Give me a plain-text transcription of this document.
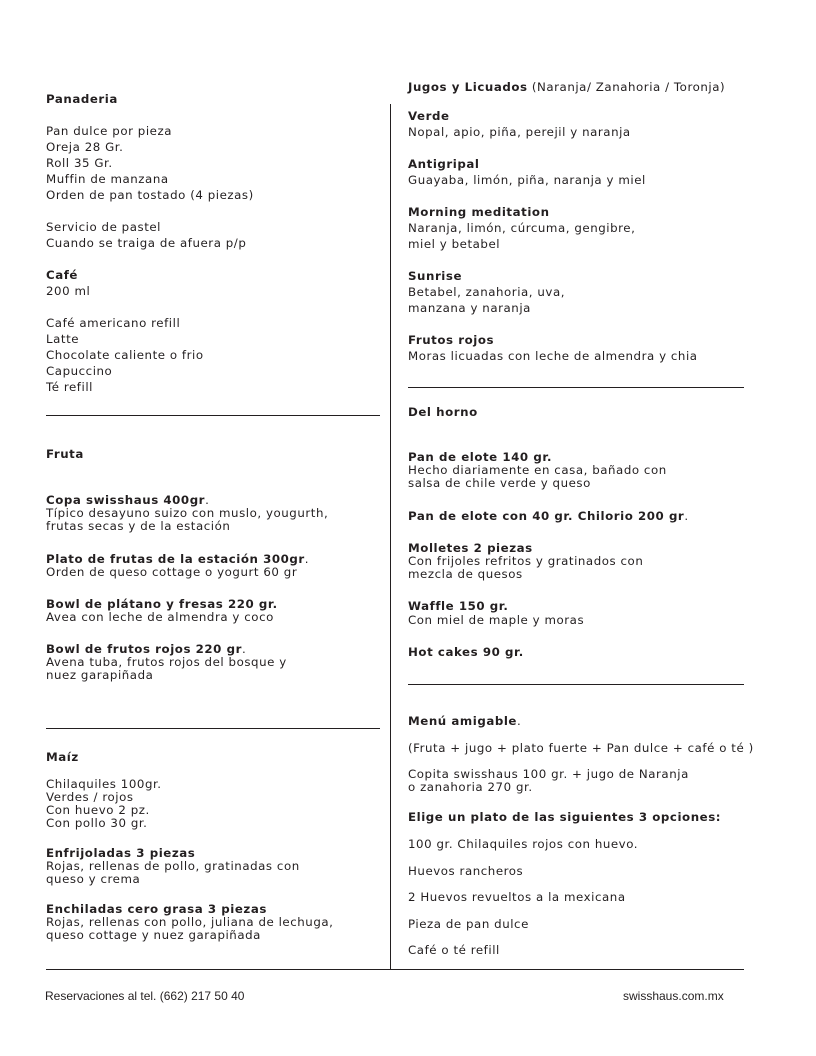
Panaderia
Pan dulce por pieza
Oreja 28 Gr.
Roll 35 Gr.
Muffin de manzana
Orden de pan tostado (4 piezas)
Servicio de pastel
Cuando se traiga de afuera p/p
Café
200 ml
Café americano refill
Latte
Chocolate caliente o frio
Capuccino
Té refill
Fruta
Copa swisshaus 400gr.
Típico desayuno suizo con muslo, yougurth,
frutas secas y de la estación
Plato de frutas de la estación 300gr.
Orden de queso cottage o yogurt 60 gr
Bowl de plátano y fresas 220 gr.
Avea con leche de almendra y coco
Bowl de frutos rojos 220 gr.
Avena tuba, frutos rojos del bosque y
nuez garapiñada
Maíz
Chilaquiles 100gr.
Verdes / rojos
Con huevo 2 pz.
Con pollo 30 gr.
Enfrijoladas 3 piezas
Rojas, rellenas de pollo, gratinadas con
queso y crema
Enchiladas cero grasa 3 piezas
Rojas, rellenas con pollo, juliana de lechuga,
queso cottage y nuez garapiñada
Jugos y Licuados (Naranja/ Zanahoria / Toronja)
Verde
Nopal, apio, piña, perejil y naranja
Antigripal
Guayaba, limón, piña, naranja y miel
Morning meditation
Naranja, limón, cúrcuma, gengibre,
miel y betabel
Sunrise
Betabel, zanahoria, uva,
manzana y naranja
Frutos rojos
Moras licuadas con leche de almendra y chia
Del horno
Pan de elote 140 gr.
Hecho diariamente en casa, bañado con
salsa de chile verde y queso
Pan de elote con 40 gr. Chilorio 200 gr.
Molletes 2 piezas
Con frijoles refritos y gratinados con
mezcla de quesos
Waffle 150 gr.
Con miel de maple y moras
Hot cakes 90 gr.
Menú amigable.
(Fruta + jugo + plato fuerte + Pan dulce + café o té )
Copita swisshaus 100 gr. + jugo de Naranja
o zanahoria 270 gr.
Elige un plato de las siguientes 3 opciones:
100 gr. Chilaquiles rojos con huevo.
Huevos rancheros
2 Huevos revueltos a la mexicana
Pieza de pan dulce
Café o té refill
Reservaciones al tel. (662) 217 50 40	swisshaus.com.mx
